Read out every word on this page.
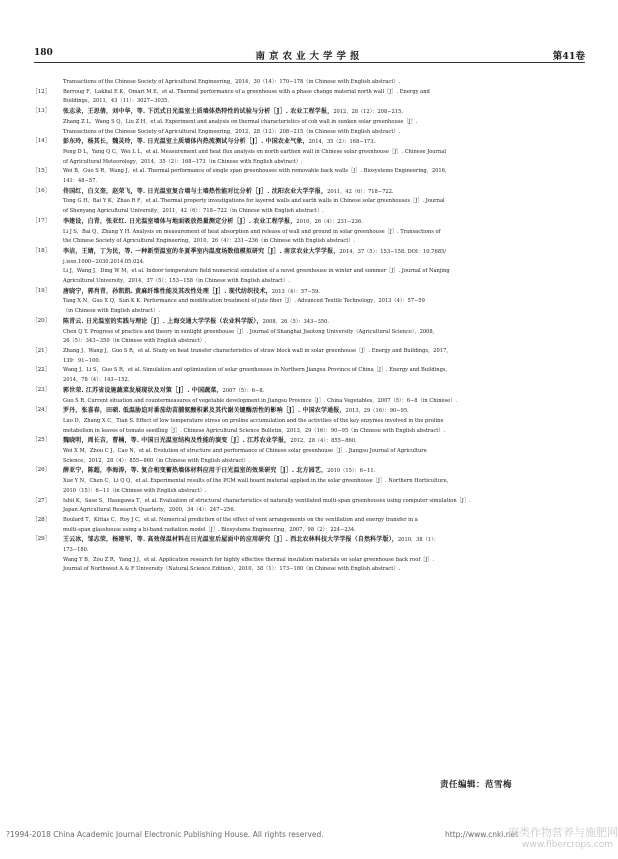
180	南京农业大学学报	第41卷
Transactions of the Chinese Society of Agricultural Engineering，2014，30（14）：170−178（in Chinese with English abstract）.
［12］ Berroug F，Lakhal E K，Omari M E，et al. Thermal performance of a greenhouse with a phase change material north wall［J］. Energy and
Buildings，2011，43（11）：3027−3035.
［13］ 张志录，王思倩，刘中华，等. 下沉式日光温室土质墙体热特性的试验与分析［J］. 农业工程学报，2012，28（12）：208−215.
Zhang Z L，Wang S Q，Liu Z H，et al. Experiment and analysis on thermal characteristics of cob wall in sunken solar greenhouse［J］.
Transactions of the Chinese Society of Agricultural Engineering，2012，28（12）：208−215（in Chinese with English abstract）.
［14］ 彭东玲，杨其长，魏灵玲，等. 日光温室土质墙体内热流测试与分析［J］. 中国农业气象，2014，35（2）：168−173.
Peng D L，Yang Q C，Wei L L，et al. Measurement and heat flux analysis on north earthen wall in Chinese solar greenhouse［J］. Chinese Journal
of Agricultural Meteorology，2014，35（2）：168−173（in Chinese with English abstract）.
［15］ Wei B，Guo S R，Wang J，et al. Thermal performance of single span greenhouses with removable back walls［J］. Biosystems Engineering，2016，
141：48−57.
［16］ 佟国红，白义奎，赵荣飞，等. 日光温室复合墙与土墙热性能对比分析［J］. 沈阳农业大学学报，2011，42（6）：718−722.
Tong G H，Bai Y K，Zhao R F，et al. Thermal property investigations for layered walls and earth walls in Chinese solar greenhouses［J］. Journal
of Shenyang Agricultural University，2011，42（6）：718−722（in Chinese with English abstract）.
［17］ 李建设，白青，张亚红. 日光温室墙体与地面吸放热量测定分析［J］. 农业工程学报，2010，26（4）：231−236.
Li J S，Bai Q，Zhang Y H. Analysis on measurement of heat absorption and release of wall and ground in solar greenhouse［J］. Transactions of
the Chinese Society of Agricultural Engineering，2010，26（4）：231−236（in Chinese with English abstract）.
［18］ 李洁，王婧，丁为民，等. 一种新型温室的冬夏季室内温度场数值模拟研究［J］. 南京农业大学学报，2014，37（5）：153−158. DOI：10.7685/
j.issn.1000−2030.2014.05.024.
Li J，Wang J，Ding W M，et al. Indoor temperature field numerical simulation of a novel greenhouse in winter and summer［J］. Journal of Nanjing
Agricultural University，2014，37（5）：153−158（in Chinese with English abstract）.
［19］ 唐晓宁，郭肖青，孙凯凯. 黄麻纤维性能及其改性处理［J］. 现代纺织技术，2013（4）：57−59.
Tang X N，Guo X Q，Sun K K. Performance and modification treatment of jute fiber［J］. Advanced Textile Technology，2013（4）：57−59
（in Chinese with English abstract）.
［20］ 陈青云. 日光温室的实践与理论［J］. 上海交通大学学报（农业科学版），2008，26（5）：343−350.
Chen Q Y. Progress of practice and theory in sunlight greenhouse［J］. Journal of Shanghai Jiaotong University（Agricultural Science），2008，
26（5）：343−350（in Chinese with English abstract）.
［21］ Zhang J，Wang J，Guo S R，et al. Study on heat transfer characteristics of straw block wall in solar greenhouse［J］. Energy and Buildings，2017，
139：91−100.
［22］ Wang J，Li S，Guo S R，et al. Simulation and optimization of solar greenhouses in Northern Jiangsu Province of China［J］. Energy and Buildings，
2014，78（4）：143−152.
［23］ 郭世荣. 江苏省设施蔬菜发展现状及对策［J］. 中国蔬菜，2007（5）：6−8.
Guo S R. Current situation and countermeasures of vegetable development in Jiangsu Province［J］. China Vegetables，2007（5）：6−8（in Chinese）.
［24］ 罗丹，张喜春，田硕. 低温胁迫对番茄幼苗脯氨酸积累及其代谢关键酶活性的影响［J］. 中国农学通报，2013，29（16）：90−95.
Luo D，Zhang X C，Tian S. Effect of low temperature stress on proline accumulation and the activities of the key enzymes involved in the proline
metabolism in leaves of tomato seedling［J］. Chinese Agricultural Science Bulletin，2013，29（16）：90−95（in Chinese with English abstract）.
［25］ 魏晓明，周长吉，曹楠，等. 中国日光温室结构及性能的演变［J］. 江苏农业学报，2012，28（4）：855−860.
Wei X M，Zhou C J，Cao N，et al. Evolution of structure and performance of Chinese solar greenhouse［J］. Jiangsu Journal of Agriculture
Science，2012，28（4）：855−860（in Chinese with English abstract）.
［26］ 薛亚宁，陈超，李海涛，等. 复合相变蓄热墙体材料应用于日光温室的效果研究［J］. 北方园艺，2010（15）：6−11.
Xue Y N，Chen C，Li Q Q，et al. Experimental results of the PCM wall board material applied in the solar greenhouse［J］. Northern Horticulture，
2010（15）：6−11（in Chinese with English abstract）.
［27］ Ishii K，Sase S，Hasegawa T，et al. Evaluation of structural characteristics of naturally ventilated multi-span greenhouses using computer simulation［J］.
Japan Agricultural Research Quarterly，2000，34（4）：247−256.
［28］ Boulard T，Kittas C，Roy J C，et al. Numerical prediction of the effect of vent arrangements on the ventilation and energy transfer in a
multi-span glasshouse using a bi-band radiation model［J］. Biosystems Engineering，2007，98（2）：224−234.
［29］ 王云冰，邹志荣，杨建军，等. 高效保温材料在日光温室后屋面中的应用研究［J］. 西北农林科技大学学报（自然科学版），2010，38（1）：
173−180.
Wang Y B，Zou Z R，Yang J J，et al. Application research for highly effective thermal insulation materials on solar greenhouse back roof［J］.
Journal of Northwest A & F University（Natural Science Edition），2010，38（1）：173−180（in Chinese with English abstract）.
责任编辑：范雪梅
?1994-2018 China Academic Journal Electronic Publishing House. All rights reserved.	http://www.cnki.net
麻类作物营养与施肥网
www.fibercrops.com
